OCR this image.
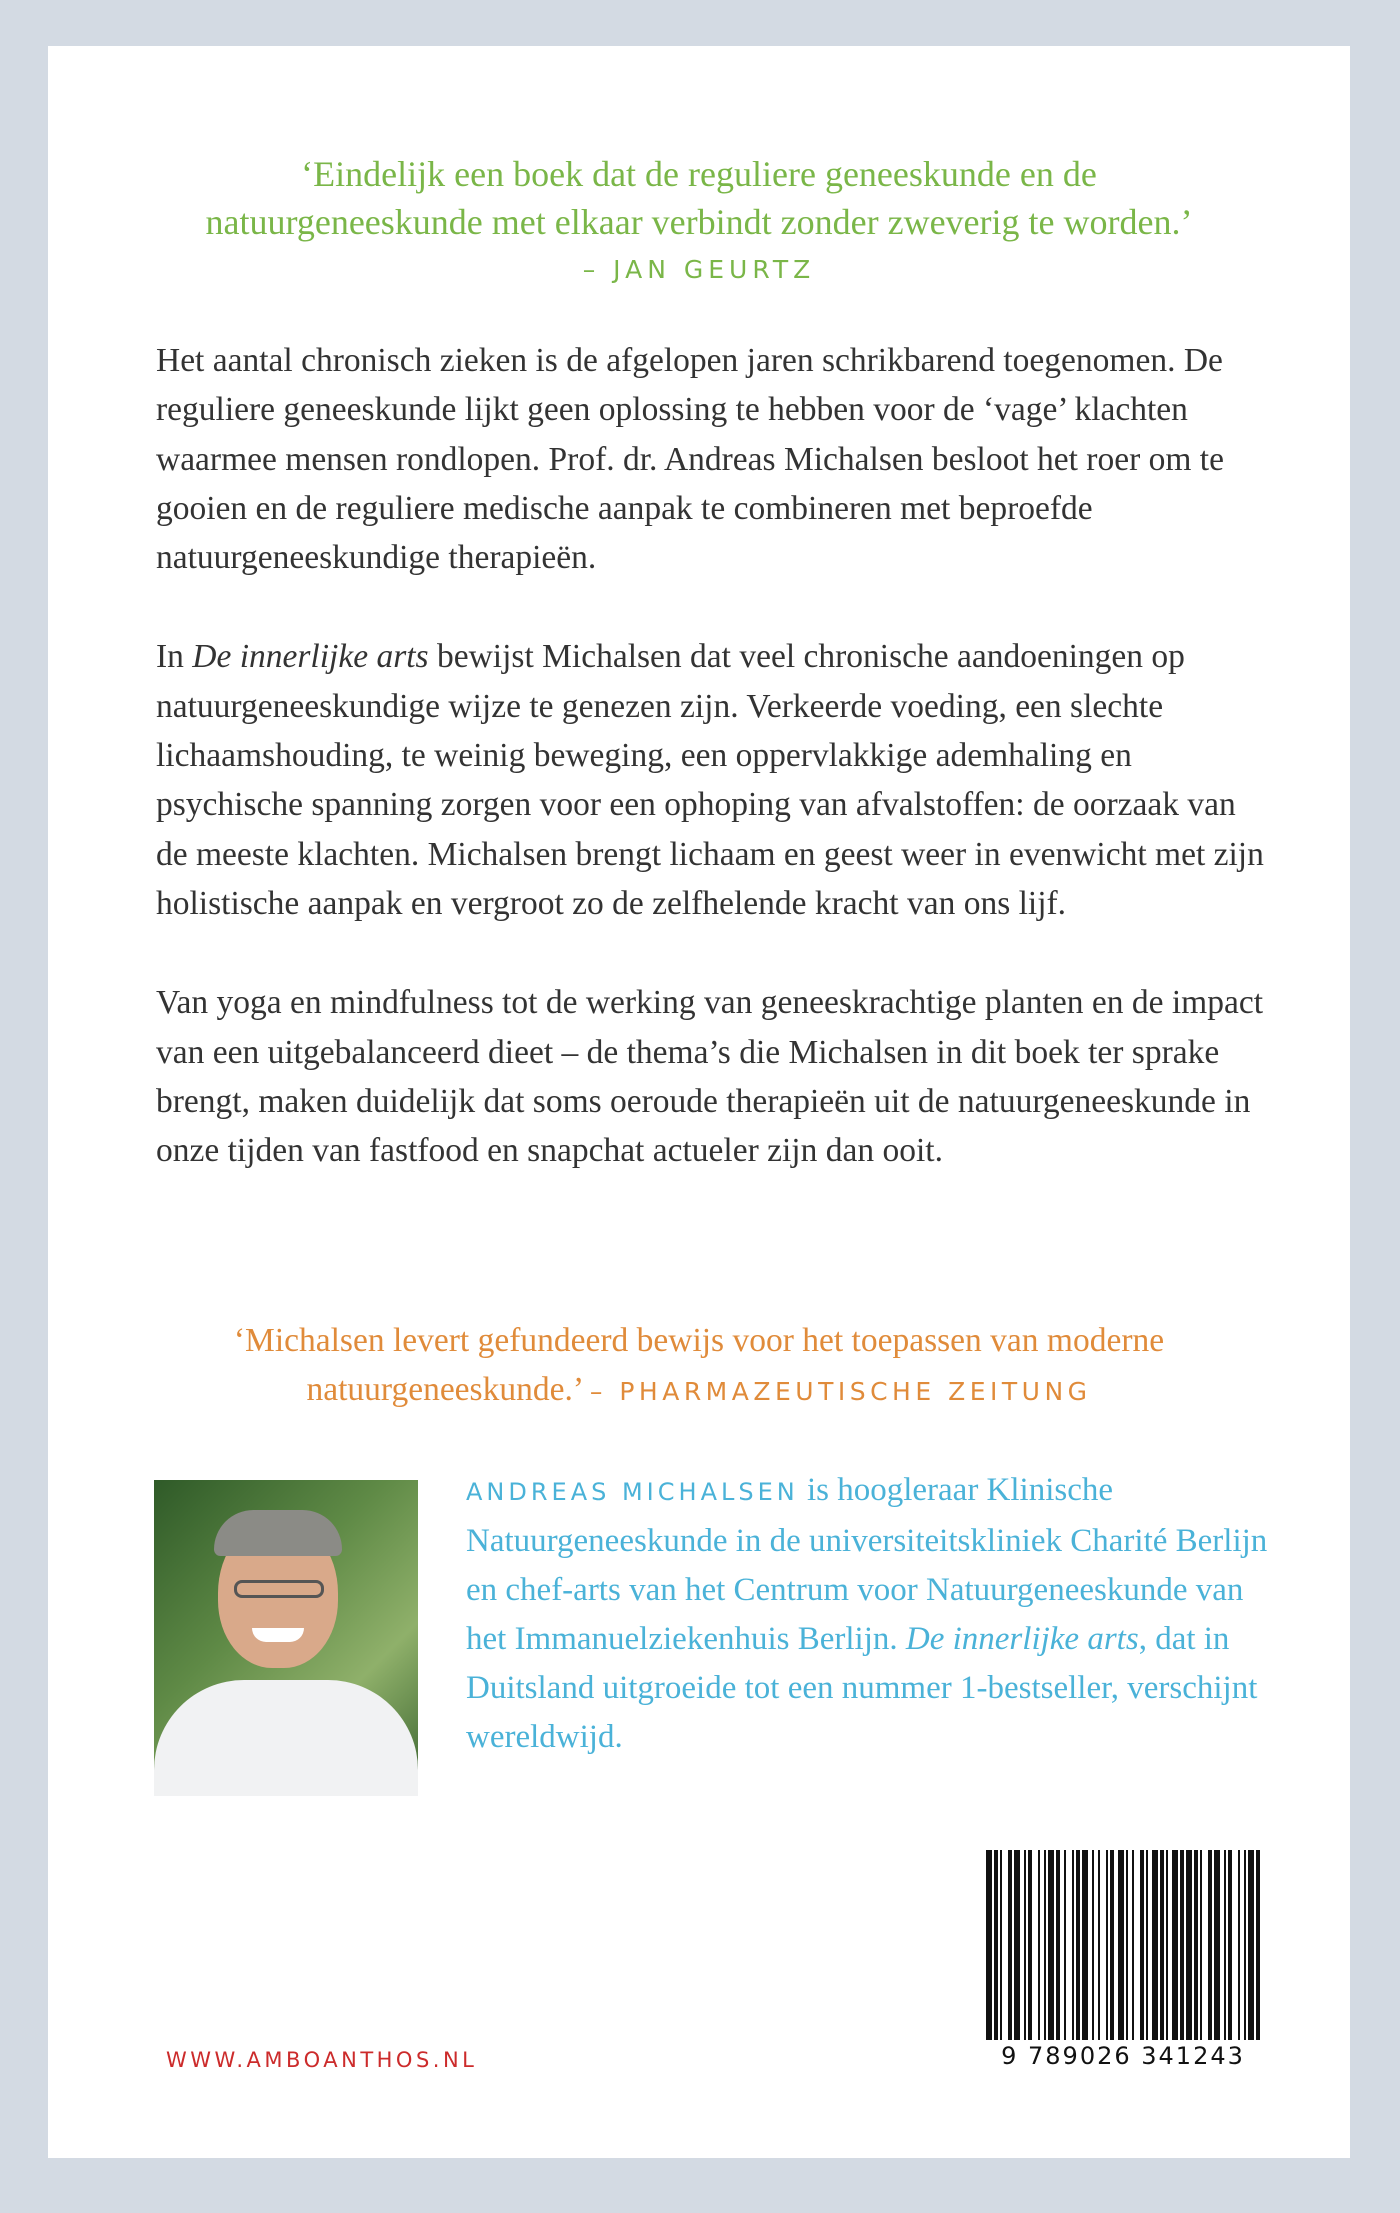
‘Eindelijk een boek dat de reguliere geneeskunde en de
natuurgeneeskunde met elkaar verbindt zonder zweverig te worden.’
– JAN GEURTZ

Het aantal chronisch zieken is de afgelopen jaren schrikbarend toegenomen. De reguliere geneeskunde lijkt geen oplossing te hebben voor de ‘vage’ klachten waarmee mensen rondlopen. Prof. dr. Andreas Michalsen besloot het roer om te gooien en de reguliere medische aanpak te combineren met beproefde natuurgeneeskundige therapieën.

In De innerlijke arts bewijst Michalsen dat veel chronische aandoeningen op natuurgeneeskundige wijze te genezen zijn. Verkeerde voeding, een slechte lichaamshouding, te weinig beweging, een oppervlakkige ademhaling en psychische spanning zorgen voor een ophoping van afvalstoffen: de oorzaak van de meeste klachten. Michalsen brengt lichaam en geest weer in evenwicht met zijn holistische aanpak en vergroot zo de zelfhelende kracht van ons lijf.

Van yoga en mindfulness tot de werking van geneeskrachtige planten en de impact van een uitgebalanceerd dieet – de thema’s die Michalsen in dit boek ter sprake brengt, maken duidelijk dat soms oeroude therapieën uit de natuurgeneeskunde in onze tijden van fastfood en snapchat actueler zijn dan ooit.

‘Michalsen levert gefundeerd bewijs voor het toepassen van moderne
natuurgeneeskunde.’ – PHARMAZEUTISCHE ZEITUNG
ANDREAS MICHALSEN is hoogleraar Klinische Natuurgeneeskunde in de universiteitskliniek Charité Berlijn en chef-arts van het Centrum voor Natuurgeneeskunde van het Immanuelziekenhuis Berlijn. De innerlijke arts, dat in Duitsland uitgroeide tot een nummer 1-bestseller, verschijnt wereldwijd.
WWW.AMBOANTHOS.NL	9 789026 341243
